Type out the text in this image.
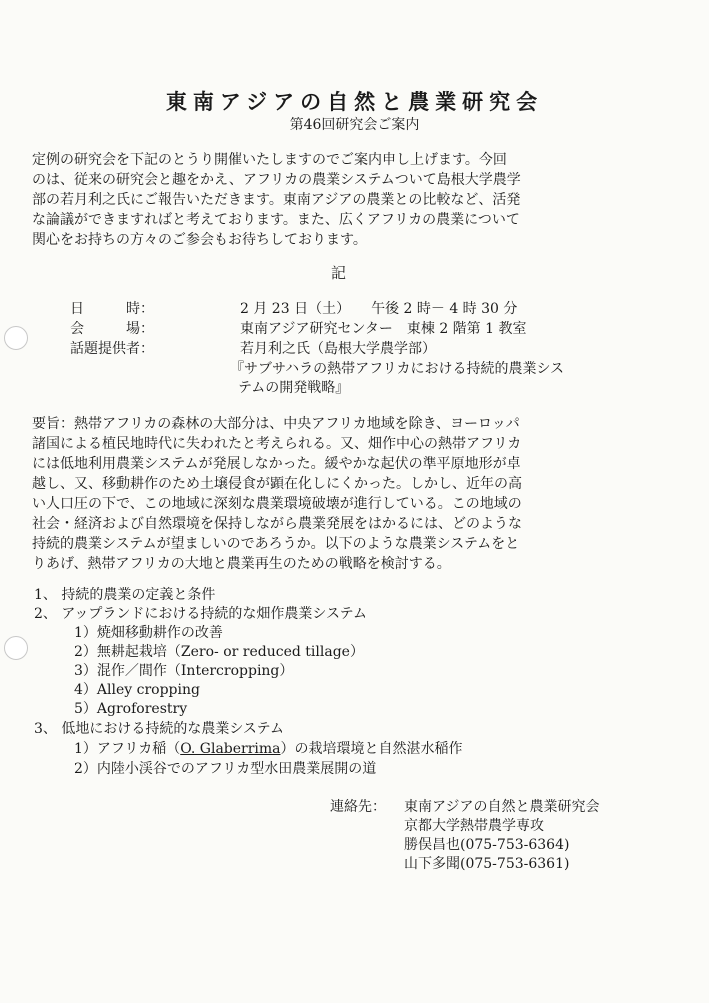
東南アジアの自然と農業研究会
第46回研究会ご案内
定例の研究会を下記のとうり開催いたしますのでご案内申し上げます。今回
のは、従来の研究会と趣をかえ、アフリカの農業システムついて島根大学農学
部の若月利之氏にご報告いただきます。東南アジアの農業との比較など、活発
な論議ができますればと考えております。また、広くアフリカの農業について
関心をお持ちの方々のご参会もお待ちしております。
記
日　　　時：	2 月 23 日（土）　　午後 2 時－ 4 時 30 分
会　　　場：	東南アジア研究センター　東棟 2 階第 1 教室
話題提供者：	若月利之氏（島根大学農学部）
『サブサハラの熱帯アフリカにおける持続的農業シス
テムの開発戦略』
要旨：熱帯アフリカの森林の大部分は、中央アフリカ地域を除き、ヨーロッパ
諸国による植民地時代に失われたと考えられる。又、畑作中心の熱帯アフリカ
には低地利用農業システムが発展しなかった。緩やかな起伏の準平原地形が卓
越し、又、移動耕作のため土壌侵食が顕在化しにくかった。しかし、近年の高
い人口圧の下で、この地域に深刻な農業環境破壊が進行している。この地域の
社会・経済および自然環境を保持しながら農業発展をはかるには、どのような
持続的農業システムが望ましいのであろうか。以下のような農業システムをと
りあげ、熱帯アフリカの大地と農業再生のための戦略を検討する。
1、 持続的農業の定義と条件
2、 アップランドにおける持続的な畑作農業システム
1）焼畑移動耕作の改善
2）無耕起栽培（Zero- or reduced tillage）
3）混作／間作（Intercropping）
4）Alley cropping
5）Agroforestry
3、 低地における持続的な農業システム
1）アフリカ稲（O. Glaberrima）の栽培環境と自然湛水稲作
2）内陸小渓谷でのアフリカ型水田農業展開の道
連絡先： 東南アジアの自然と農業研究会
京都大学熱帯農学専攻
勝俣昌也(075-753-6364)
山下多聞(075-753-6361)
